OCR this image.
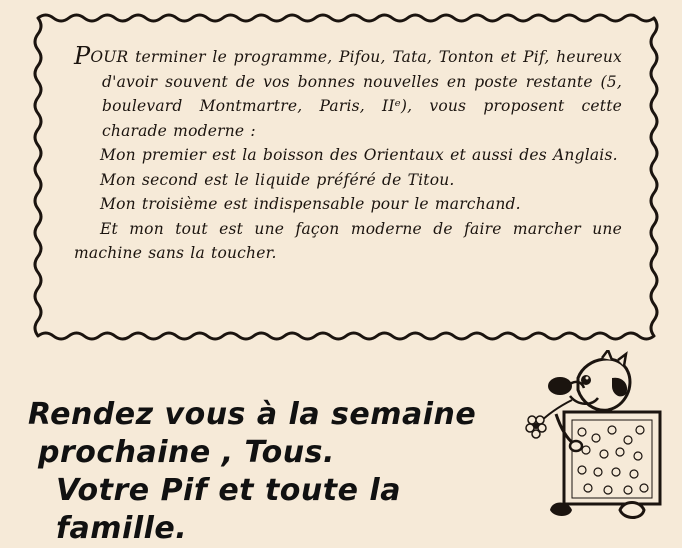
POUR terminer le programme, Pifou, Tata, Tonton et Pif, heureux d'avoir souvent de vos bonnes nouvelles en poste restante (5, boulevard Montmartre, Paris, IIᵉ), vous proposent cette charade moderne :

Mon premier est la boisson des Orientaux et aussi des Anglais.

Mon second est le liquide préféré de Titou.

Mon troisième est indispensable pour le marchand.

Et mon tout est une façon moderne de faire marcher une machine sans la toucher.

Rendez vous à la semaine

prochaine , Tous.

Votre Pif et toute la famille.
